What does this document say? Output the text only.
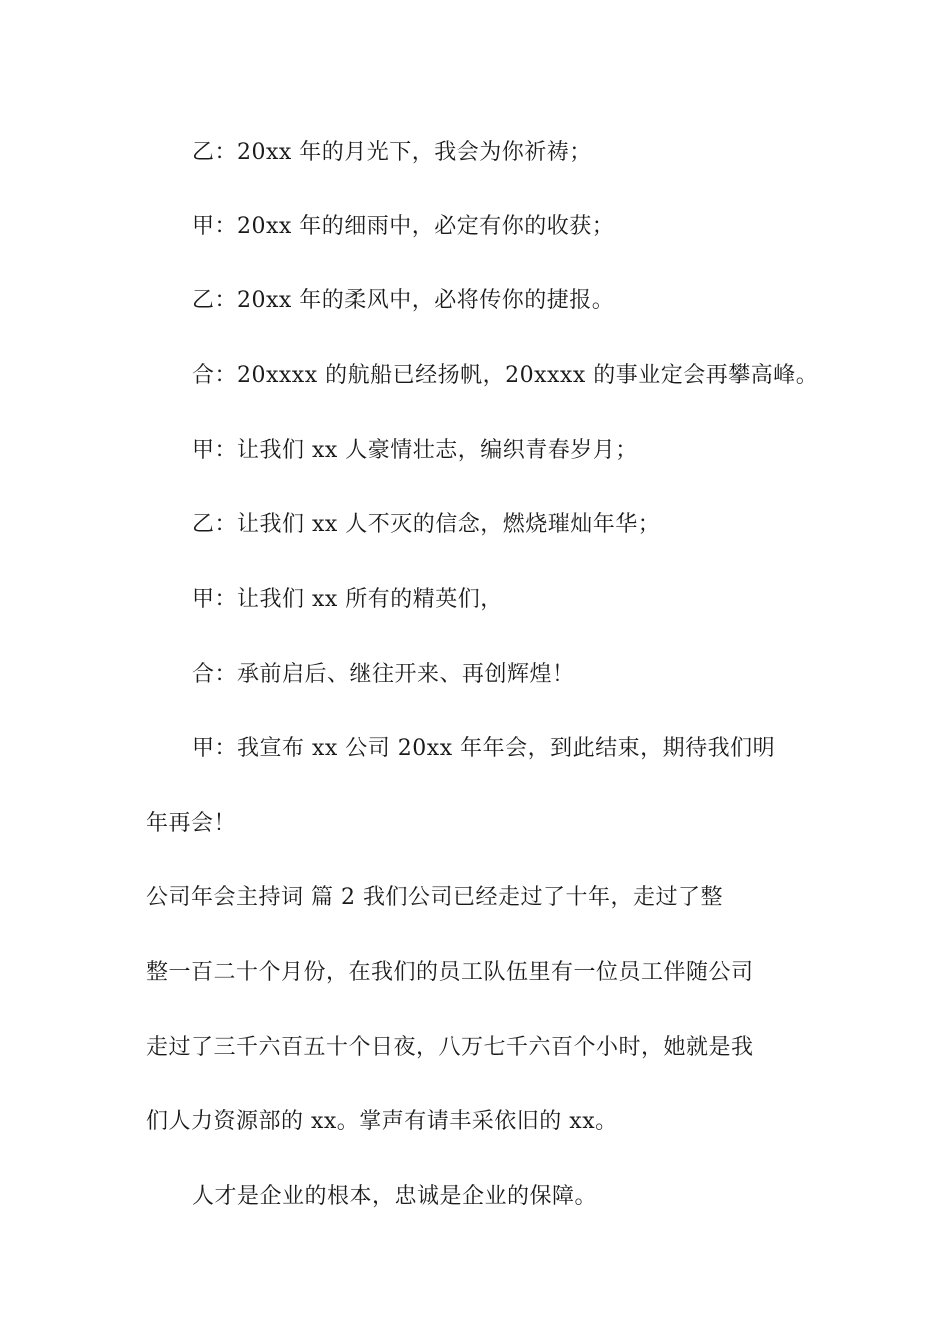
乙：20xx 年的月光下，我会为你祈祷；
甲：20xx 年的细雨中，必定有你的收获；
乙：20xx 年的柔风中，必将传你的捷报。
合：20xxxx 的航船已经扬帆，20xxxx 的事业定会再攀高峰。
甲：让我们 xx 人豪情壮志，编织青春岁月；
乙：让我们 xx 人不灭的信念，燃烧璀灿年华；
甲：让我们 xx 所有的精英们，
合：承前启后、继往开来、再创辉煌！
甲：我宣布 xx 公司 20xx 年年会，到此结束，期待我们明
年再会！
公司年会主持词 篇 2 我们公司已经走过了十年，走过了整
整一百二十个月份，在我们的员工队伍里有一位员工伴随公司
走过了三千六百五十个日夜，八万七千六百个小时，她就是我
们人力资源部的 xx。掌声有请丰采依旧的 xx。
人才是企业的根本，忠诚是企业的保障。
